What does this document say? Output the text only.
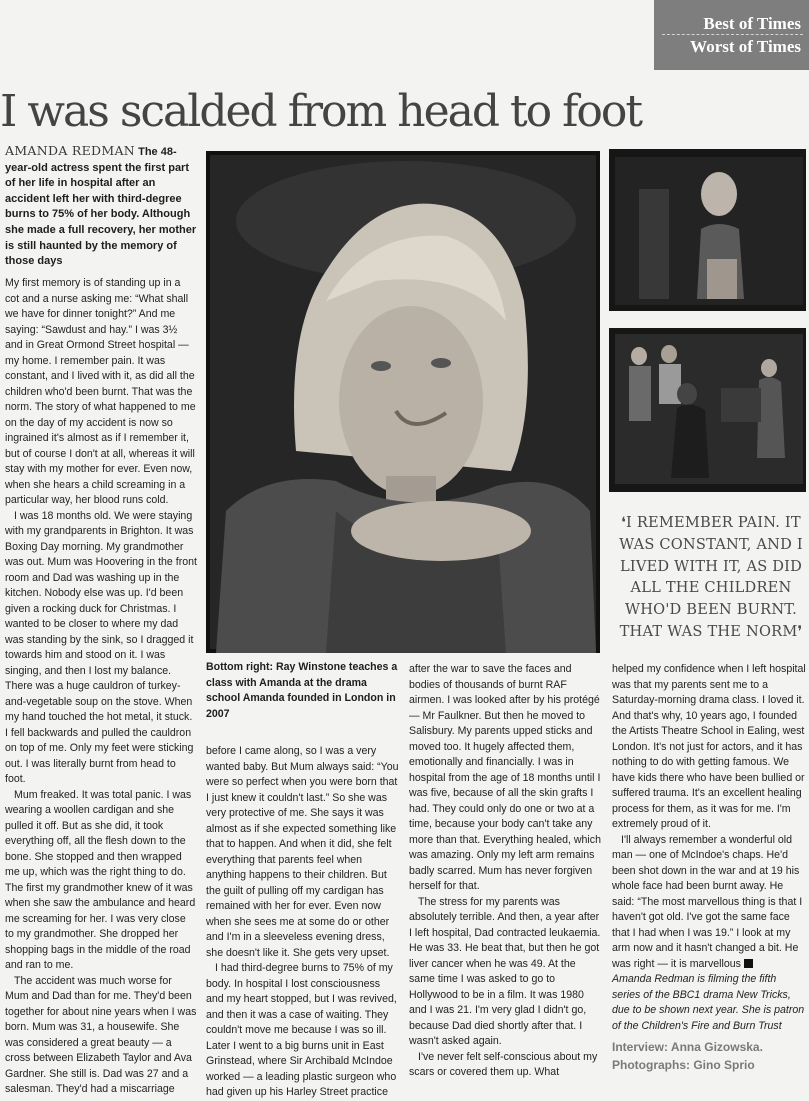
Best of Times
Worst of Times
I was scalded from head to foot
AMANDA REDMAN The 48-year-old actress spent the first part of her life in hospital after an accident left her with third-degree burns to 75% of her body. Although she made a full recovery, her mother is still haunted by the memory of those days

My first memory is of standing up in a cot and a nurse asking me: “What shall we have for dinner tonight?” And me saying: “Sawdust and hay.” I was 3½ and in Great Ormond Street hospital — my home. I remember pain. It was constant, and I lived with it, as did all the children who'd been burnt. That was the norm. The story of what happened to me on the day of my accident is now so ingrained it's almost as if I remember it, but of course I don't at all, whereas it will stay with my mother for ever. Even now, when she hears a child screaming in a particular way, her blood runs cold.

I was 18 months old. We were staying with my grandparents in Brighton. It was Boxing Day morning. My grandmother was out. Mum was Hoovering in the front room and Dad was washing up in the kitchen. Nobody else was up. I'd been given a rocking duck for Christmas. I wanted to be closer to where my dad was standing by the sink, so I dragged it towards him and stood on it. I was singing, and then I lost my balance. There was a huge cauldron of turkey-and-vegetable soup on the stove. When my hand touched the hot metal, it stuck. I fell backwards and pulled the cauldron on top of me. Only my feet were sticking out. I was literally burnt from head to foot.

Mum freaked. It was total panic. I was wearing a woollen cardigan and she pulled it off. But as she did, it took everything off, all the flesh down to the bone. She stopped and then wrapped me up, which was the right thing to do. The first my grandmother knew of it was when she saw the ambulance and heard me screaming for her. I was very close to my grandmother. She dropped her shopping bags in the middle of the road and ran to me.

The accident was much worse for Mum and Dad than for me. They'd been together for about nine years when I was born. Mum was 31, a housewife. She was considered a great beauty — a cross between Elizabeth Taylor and Ava Gardner. She still is. Dad was 27 and a salesman. They'd had a miscarriage

Bottom right: Ray Winstone teaches a class with Amanda at the drama school Amanda founded in London in 2007

before I came along, so I was a very wanted baby. But Mum always said: “You were so perfect when you were born that I just knew it couldn't last.” So she was very protective of me. She says it was almost as if she expected something like that to happen. And when it did, she felt everything that parents feel when anything happens to their children. But the guilt of pulling off my cardigan has remained with her for ever. Even now when she sees me at some do or other and I'm in a sleeveless evening dress, she doesn't like it. She gets very upset.

I had third-degree burns to 75% of my body. In hospital I lost consciousness and my heart stopped, but I was revived, and then it was a case of waiting. They couldn't move me because I was so ill. Later I went to a big burns unit in East Grinstead, where Sir Archibald McIndoe worked — a leading plastic surgeon who had given up his Harley Street practice

after the war to save the faces and bodies of thousands of burnt RAF airmen. I was looked after by his protégé — Mr Faulkner. But then he moved to Salisbury. My parents upped sticks and moved too. It hugely affected them, emotionally and financially. I was in hospital from the age of 18 months until I was five, because of all the skin grafts I had. They could only do one or two at a time, because your body can't take any more than that. Everything healed, which was amazing. Only my left arm remains badly scarred. Mum has never forgiven herself for that.

The stress for my parents was absolutely terrible. And then, a year after I left hospital, Dad contracted leukaemia. He was 33. He beat that, but then he got liver cancer when he was 49. At the same time I was asked to go to Hollywood to be in a film. It was 1980 and I was 21. I'm very glad I didn't go, because Dad died shortly after that. I wasn't asked again.

I've never felt self-conscious about my scars or covered them up. What

❛I REMEMBER PAIN. IT WAS CONSTANT, AND I LIVED WITH IT, AS DID ALL THE CHILDREN WHO'D BEEN BURNT. THAT WAS THE NORM❜

helped my confidence when I left hospital was that my parents sent me to a Saturday-morning drama class. I loved it. And that's why, 10 years ago, I founded the Artists Theatre School in Ealing, west London. It's not just for actors, and it has nothing to do with getting famous. We have kids there who have been bullied or suffered trauma. It's an excellent healing process for them, as it was for me. I'm extremely proud of it.

I'll always remember a wonderful old man — one of McIndoe's chaps. He'd been shot down in the war and at 19 his whole face had been burnt away. He said: “The most marvellous thing is that I haven't got old. I've got the same face that I had when I was 19.” I look at my arm now and it hasn't changed a bit. He was right — it is marvellous

Amanda Redman is filming the fifth series of the BBC1 drama New Tricks, due to be shown next year. She is patron of the Children's Fire and Burn Trust

Interview: Anna Gizowska.
Photographs: Gino Sprio
